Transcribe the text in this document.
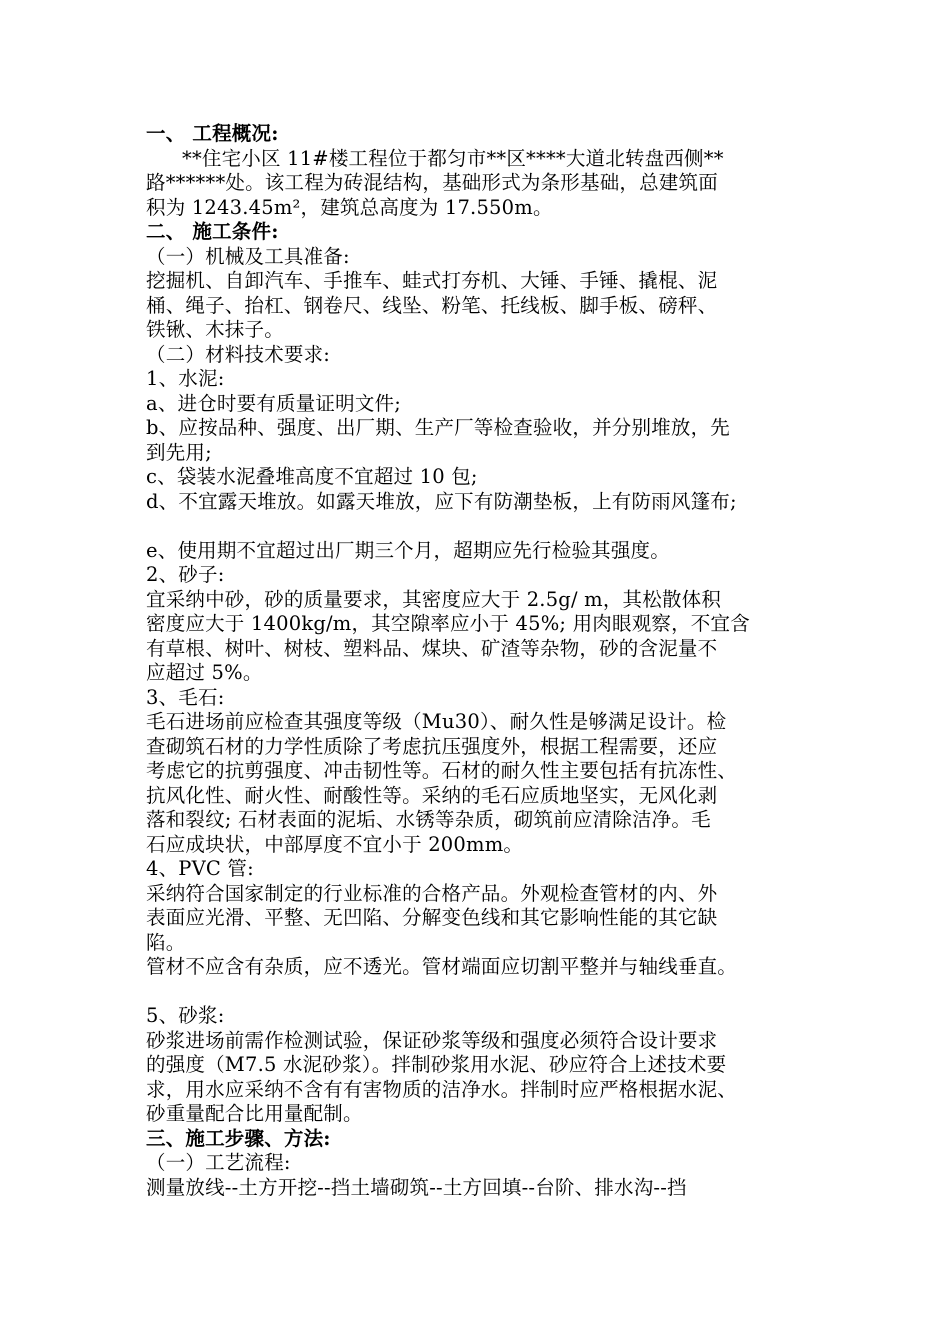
一、 工程概况:
**住宅小区 11#楼工程位于都匀市**区****大道北转盘西侧**
路******处。该工程为砖混结构，基础形式为条形基础，总建筑面
积为 1243.45m²，建筑总高度为 17.550m。
二、 施工条件:
（一）机械及工具准备:
挖掘机、自卸汽车、手推车、蛙式打夯机、大锤、手锤、撬棍、泥
桶、绳子、抬杠、钢卷尺、线坠、粉笔、托线板、脚手板、磅秤、
铁锹、木抹子。
（二）材料技术要求:
1、水泥:
a、进仓时要有质量证明文件;
b、应按品种、强度、出厂期、生产厂等检查验收，并分别堆放，先
到先用;
c、袋装水泥叠堆高度不宜超过 10 包;
d、不宜露天堆放。如露天堆放，应下有防潮垫板，上有防雨风篷布;
e、使用期不宜超过出厂期三个月，超期应先行检验其强度。
2、砂子:
宜采纳中砂，砂的质量要求，其密度应大于 2.5g/ m，其松散体积
密度应大于 1400kg/m，其空隙率应小于 45%; 用肉眼观察，不宜含
有草根、树叶、树枝、塑料品、煤块、矿渣等杂物，砂的含泥量不
应超过 5%。
3、毛石:
毛石进场前应检查其强度等级（Mu30）、耐久性是够满足设计。检
查砌筑石材的力学性质除了考虑抗压强度外，根据工程需要，还应
考虑它的抗剪强度、冲击韧性等。石材的耐久性主要包括有抗冻性、
抗风化性、耐火性、耐酸性等。采纳的毛石应质地坚实，无风化剥
落和裂纹; 石材表面的泥垢、水锈等杂质，砌筑前应清除洁净。毛
石应成块状，中部厚度不宜小于 200mm。
4、PVC 管:
采纳符合国家制定的行业标准的合格产品。外观检查管材的内、外
表面应光滑、平整、无凹陷、分解变色线和其它影响性能的其它缺
陷。
管材不应含有杂质，应不透光。管材端面应切割平整并与轴线垂直。
5、砂浆:
砂浆进场前需作检测试验，保证砂浆等级和强度必须符合设计要求
的强度（M7.5 水泥砂浆）。拌制砂浆用水泥、砂应符合上述技术要
求，用水应采纳不含有有害物质的洁净水。拌制时应严格根据水泥、
砂重量配合比用量配制。
三、施工步骤、方法:
（一）工艺流程:
测量放线--土方开挖--挡土墙砌筑--土方回填--台阶、排水沟--挡
